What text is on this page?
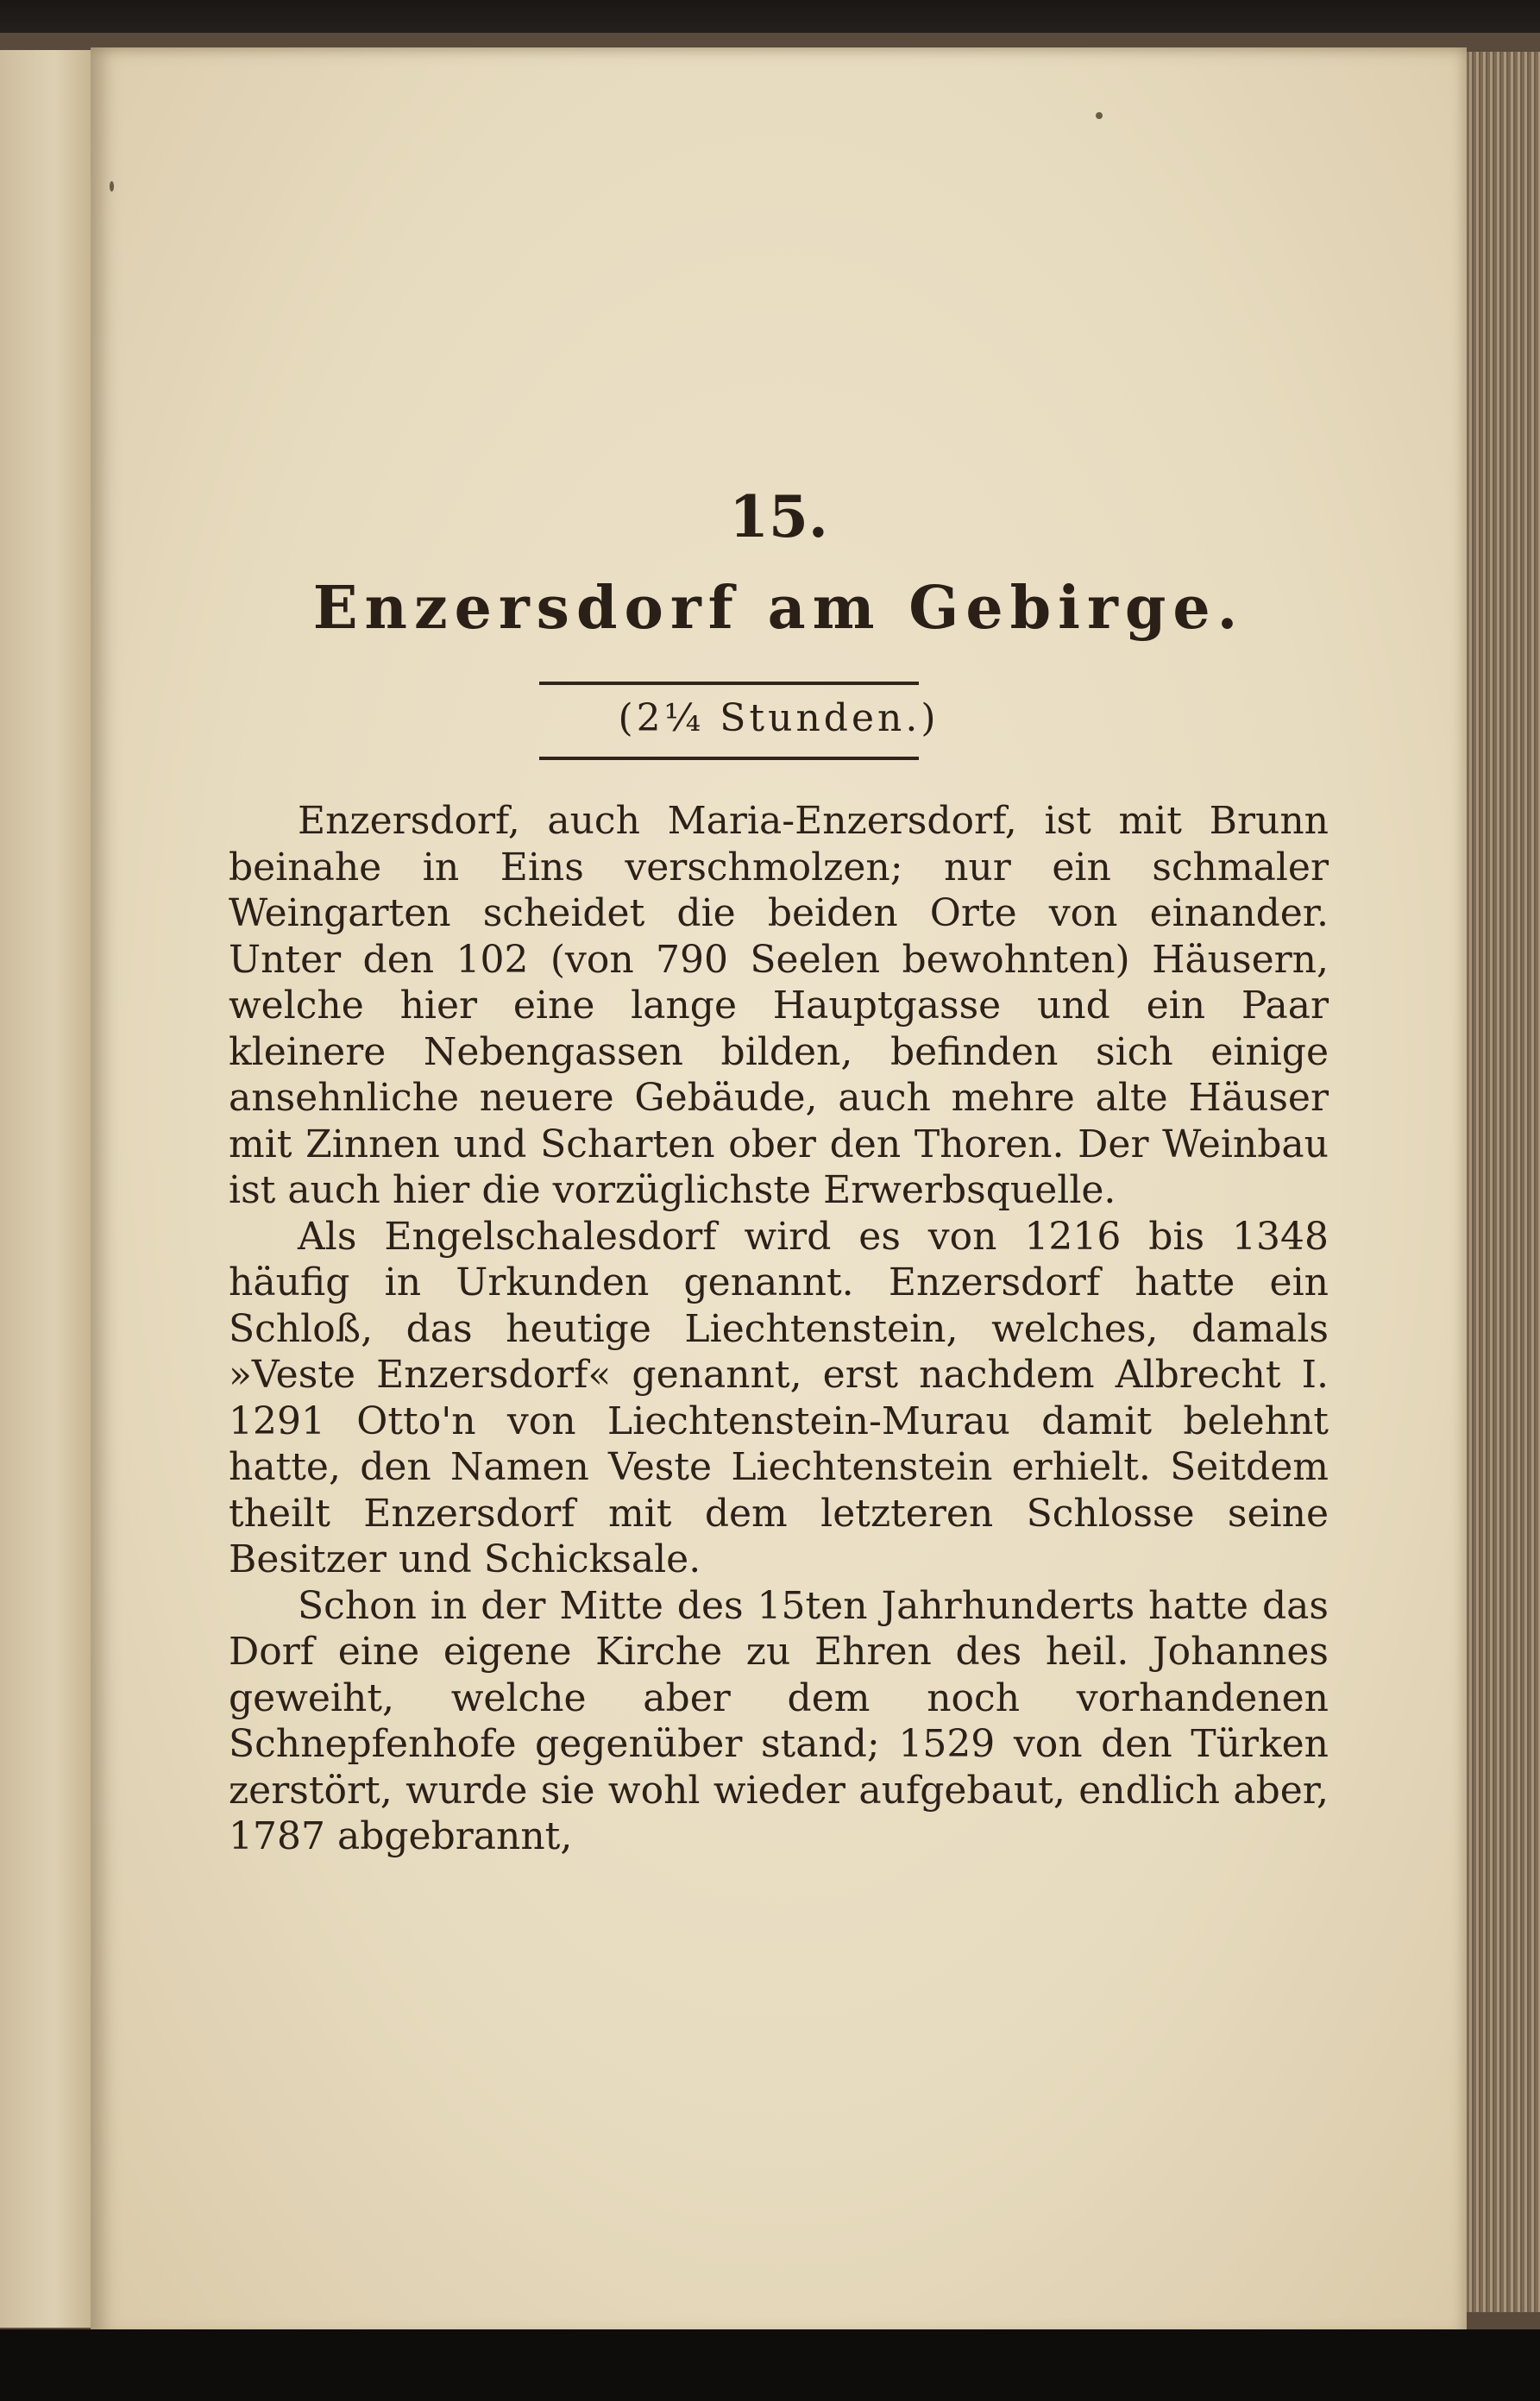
15.
Enzersdorf am Gebirge.
(2¼ Stunden.)

Enzersdorf, auch Maria-Enzersdorf, ist mit Brunn beinahe in Eins verschmolzen; nur ein schmaler Weingarten scheidet die beiden Orte von einander. Unter den 102 (von 790 Seelen bewohnten) Häusern, welche hier eine lange Hauptgasse und ein Paar kleinere Nebengassen bilden, befinden sich einige ansehnliche neuere Gebäude, auch mehre alte Häuser mit Zinnen und Scharten ober den Thoren. Der Weinbau ist auch hier die vorzüglichste Erwerbsquelle.

Als Engelschalesdorf wird es von 1216 bis 1348 häufig in Urkunden genannt. Enzersdorf hatte ein Schloß, das heutige Liechtenstein, welches, damals »Veste Enzersdorf« genannt, erst nachdem Albrecht I. 1291 Otto'n von Liechtenstein-Murau damit belehnt hatte, den Namen Veste Liechtenstein erhielt. Seitdem theilt Enzersdorf mit dem letzteren Schlosse seine Besitzer und Schicksale.

Schon in der Mitte des 15ten Jahrhunderts hatte das Dorf eine eigene Kirche zu Ehren des heil. Johannes geweiht, welche aber dem noch vorhandenen Schnepfenhofe gegenüber stand; 1529 von den Türken zerstört, wurde sie wohl wieder aufgebaut, endlich aber, 1787 abgebrannt,
